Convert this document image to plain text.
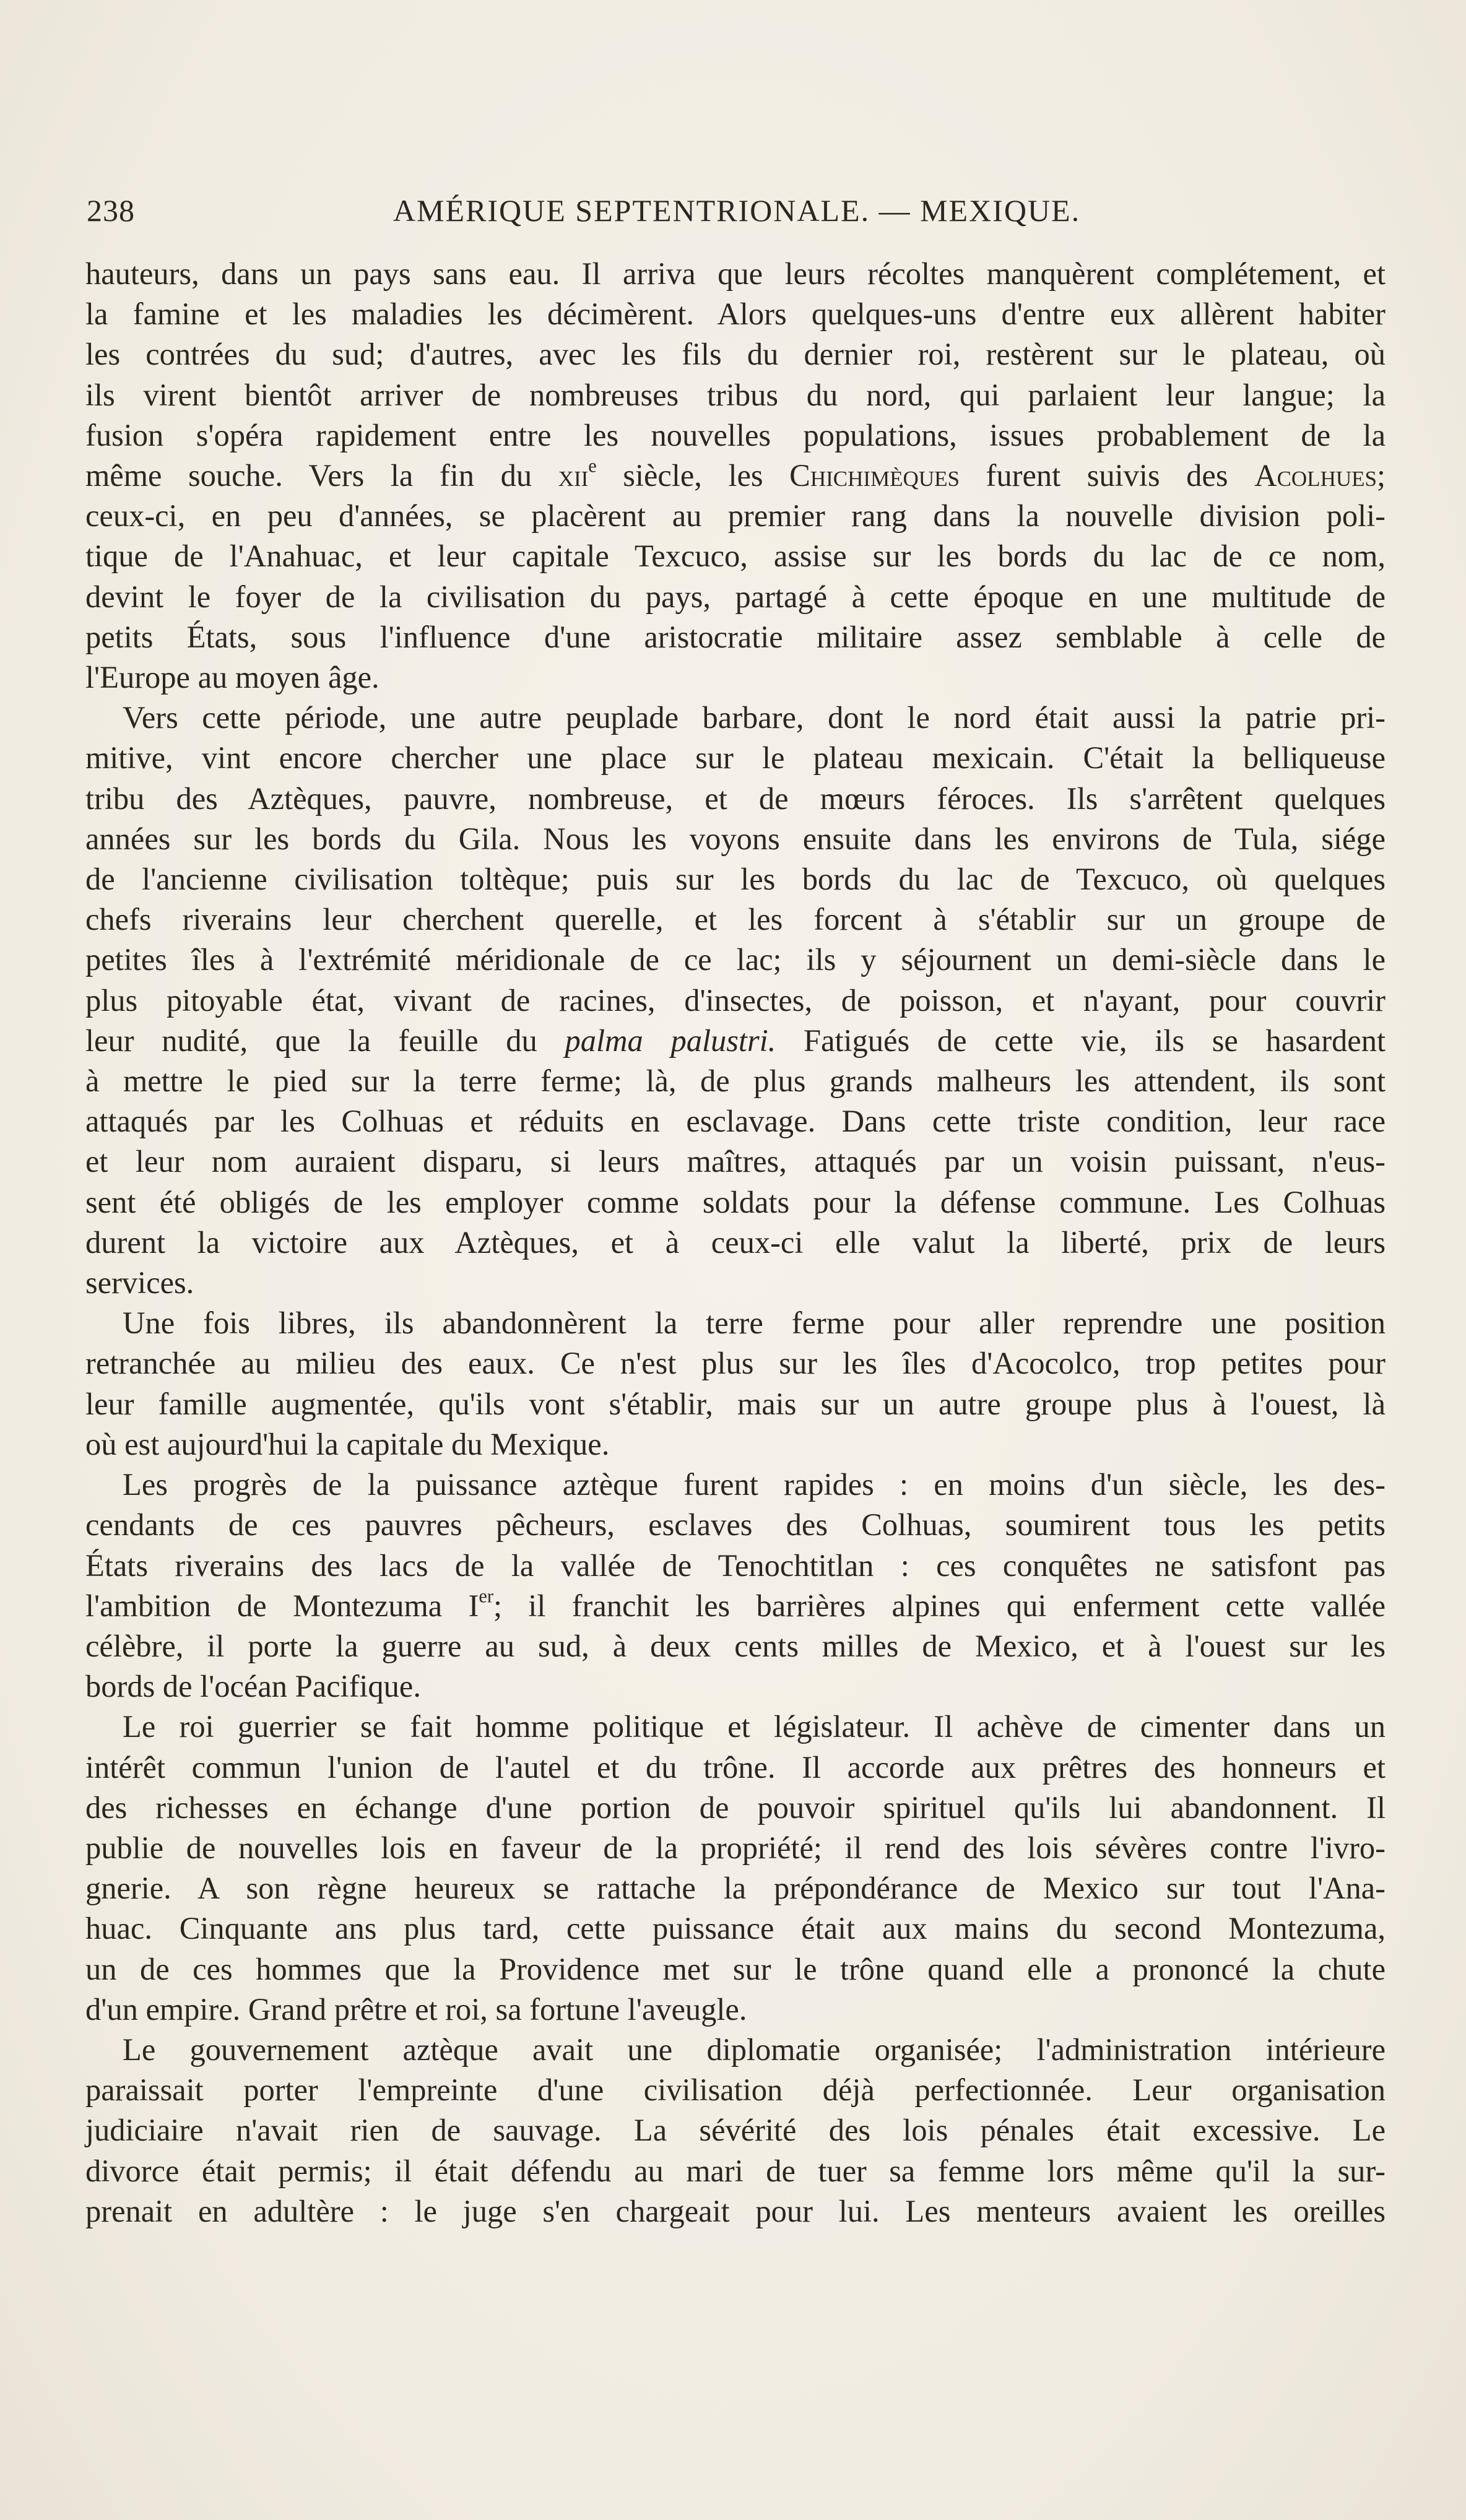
238	AMÉRIQUE SEPTENTRIONALE. — MEXIQUE.

hauteurs, dans un pays sans eau. Il arriva que leurs récoltes manquèrent complétement, et

la famine et les maladies les décimèrent. Alors quelques-uns d'entre eux allèrent habiter

les contrées du sud; d'autres, avec les fils du dernier roi, restèrent sur le plateau, où

ils virent bientôt arriver de nombreuses tribus du nord, qui parlaient leur langue; la

fusion s'opéra rapidement entre les nouvelles populations, issues probablement de la

même souche. Vers la fin du xii$^e$ siècle, les Chichimèques furent suivis des Acolhues;

ceux-ci, en peu d'années, se placèrent au premier rang dans la nouvelle division poli-

tique de l'Anahuac, et leur capitale Texcuco, assise sur les bords du lac de ce nom,

devint le foyer de la civilisation du pays, partagé à cette époque en une multitude de

petits États, sous l'influence d'une aristocratie militaire assez semblable à celle de

l'Europe au moyen âge.

Vers cette période, une autre peuplade barbare, dont le nord était aussi la patrie pri-

mitive, vint encore chercher une place sur le plateau mexicain. C'était la belliqueuse

tribu des Aztèques, pauvre, nombreuse, et de mœurs féroces. Ils s'arrêtent quelques

années sur les bords du Gila. Nous les voyons ensuite dans les environs de Tula, siége

de l'ancienne civilisation toltèque; puis sur les bords du lac de Texcuco, où quelques

chefs riverains leur cherchent querelle, et les forcent à s'établir sur un groupe de

petites îles à l'extrémité méridionale de ce lac; ils y séjournent un demi-siècle dans le

plus pitoyable état, vivant de racines, d'insectes, de poisson, et n'ayant, pour couvrir

leur nudité, que la feuille du palma palustri. Fatigués de cette vie, ils se hasardent

à mettre le pied sur la terre ferme; là, de plus grands malheurs les attendent, ils sont

attaqués par les Colhuas et réduits en esclavage. Dans cette triste condition, leur race

et leur nom auraient disparu, si leurs maîtres, attaqués par un voisin puissant, n'eus-

sent été obligés de les employer comme soldats pour la défense commune. Les Colhuas

durent la victoire aux Aztèques, et à ceux-ci elle valut la liberté, prix de leurs

services.

Une fois libres, ils abandonnèrent la terre ferme pour aller reprendre une position

retranchée au milieu des eaux. Ce n'est plus sur les îles d'Acocolco, trop petites pour

leur famille augmentée, qu'ils vont s'établir, mais sur un autre groupe plus à l'ouest, là

où est aujourd'hui la capitale du Mexique.

Les progrès de la puissance aztèque furent rapides : en moins d'un siècle, les des-

cendants de ces pauvres pêcheurs, esclaves des Colhuas, soumirent tous les petits

États riverains des lacs de la vallée de Tenochtitlan : ces conquêtes ne satisfont pas

l'ambition de Montezuma Ier; il franchit les barrières alpines qui enferment cette vallée

célèbre, il porte la guerre au sud, à deux cents milles de Mexico, et à l'ouest sur les

bords de l'océan Pacifique.

Le roi guerrier se fait homme politique et législateur. Il achève de cimenter dans un

intérêt commun l'union de l'autel et du trône. Il accorde aux prêtres des honneurs et

des richesses en échange d'une portion de pouvoir spirituel qu'ils lui abandonnent. Il

publie de nouvelles lois en faveur de la propriété; il rend des lois sévères contre l'ivro-

gnerie. A son règne heureux se rattache la prépondérance de Mexico sur tout l'Ana-

huac. Cinquante ans plus tard, cette puissance était aux mains du second Montezuma,

un de ces hommes que la Providence met sur le trône quand elle a prononcé la chute

d'un empire. Grand prêtre et roi, sa fortune l'aveugle.

Le gouvernement aztèque avait une diplomatie organisée; l'administration intérieure

paraissait porter l'empreinte d'une civilisation déjà perfectionnée. Leur organisation

judiciaire n'avait rien de sauvage. La sévérité des lois pénales était excessive. Le

divorce était permis; il était défendu au mari de tuer sa femme lors même qu'il la sur-

prenait en adultère : le juge s'en chargeait pour lui. Les menteurs avaient les oreilles
